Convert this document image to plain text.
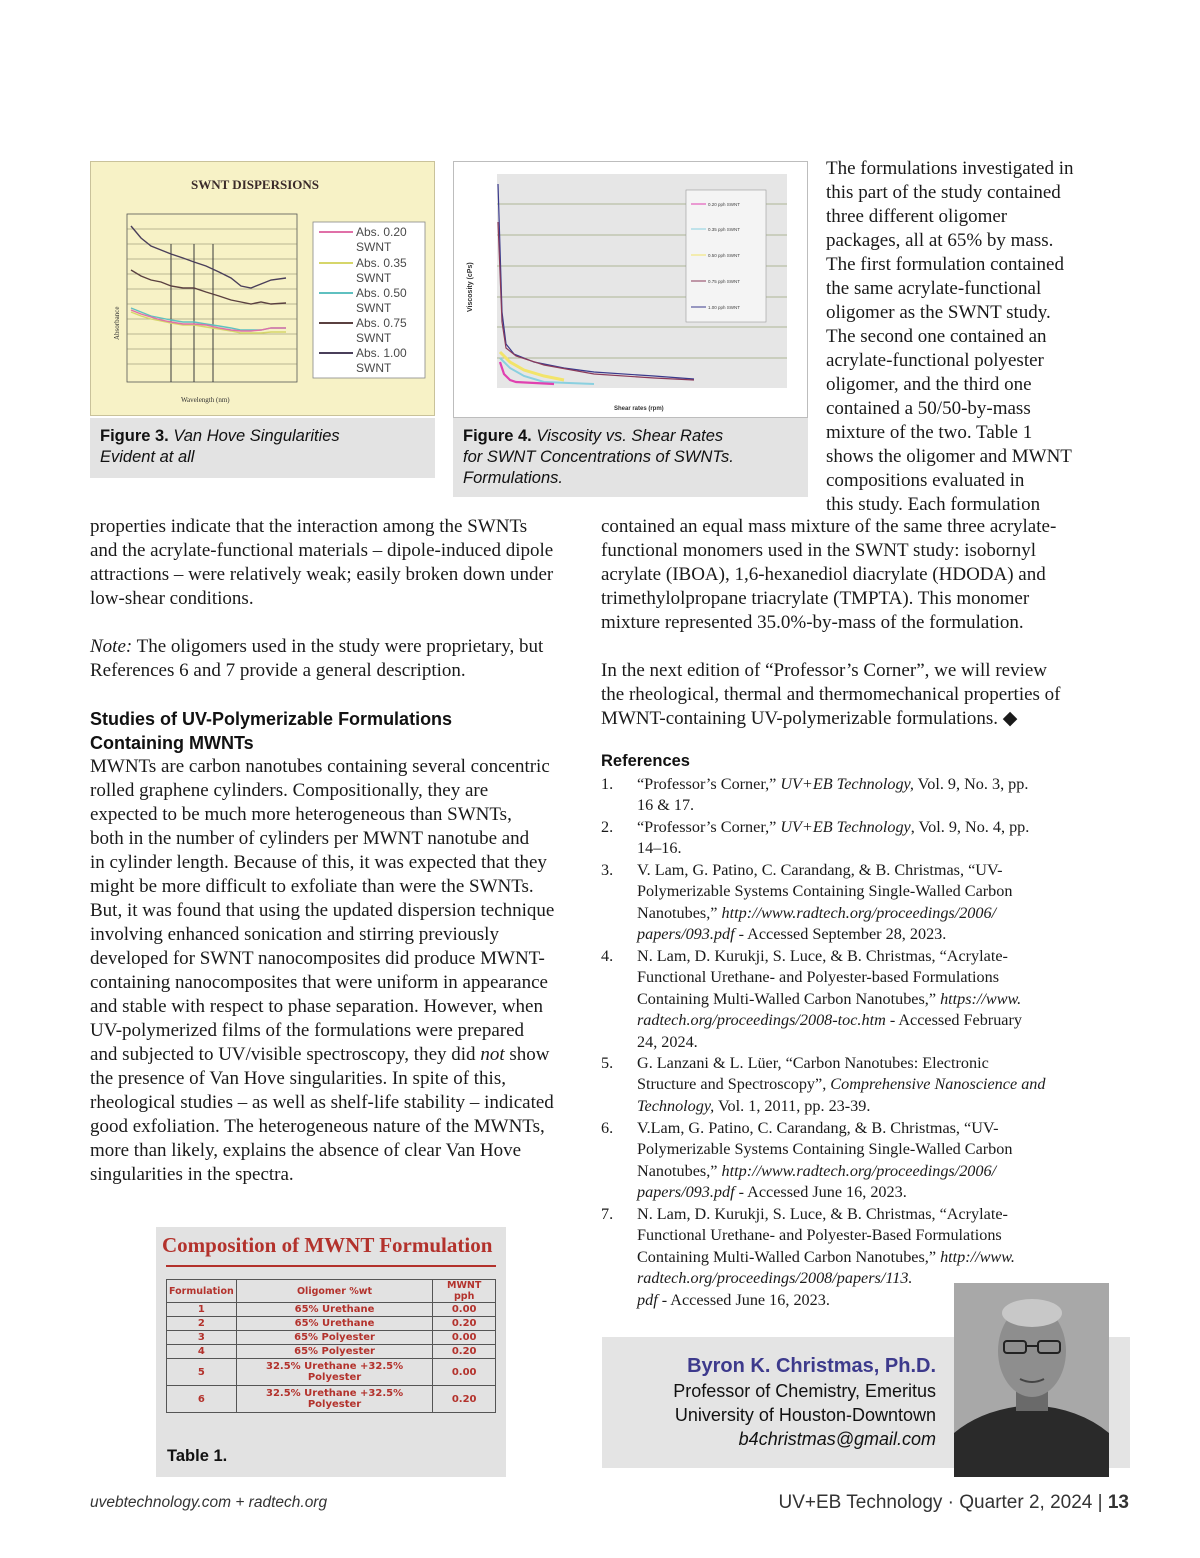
SWNT DISPERSIONS
Absorbance
Wavelength (nm)
Abs. 0.20
SWNT
Abs. 0.35
SWNT
Abs. 0.50
SWNT
Abs. 0.75
SWNT
Abs. 1.00
SWNT
Figure 3. Van Hove Singularities
Evident at all
Viscosity (cPs)
Shear rates (rpm)
0.20 pph SWNT
0.35 pph SWNT
0.50 pph SWNT
0.75 pph SWNT
1.00 pph SWNT
Figure 4. Viscosity vs. Shear Rates
for SWNT Concentrations of SWNTs.
Formulations.
The formulations investigated in
this part of the study contained
three different oligomer
packages, all at 65% by mass.
The first formulation contained
the same acrylate-functional
oligomer as the SWNT study.
The second one contained an
acrylate-functional polyester
oligomer, and the third one
contained a 50/50-by-mass
mixture of the two. Table 1
shows the oligomer and MWNT
compositions evaluated in
this study. Each formulation
contained an equal mass mixture of the same three acrylate-
functional monomers used in the SWNT study: isobornyl
acrylate (IBOA), 1,6-hexanediol diacrylate (HDODA) and
trimethylolpropane triacrylate (TMPTA). This monomer
mixture represented 35.0%-by-mass of the formulation.
In the next edition of “Professor’s Corner”, we will review
the rheological, thermal and thermomechanical properties of
MWNT-containing UV-polymerizable formulations. ◆
properties indicate that the interaction among the SWNTs
and the acrylate-functional materials – dipole-induced dipole
attractions – were relatively weak; easily broken down under
low-shear conditions.
Note: The oligomers used in the study were proprietary, but
References 6 and 7 provide a general description.
Studies of UV-Polymerizable Formulations
Containing MWNTs
MWNTs are carbon nanotubes containing several concentric
rolled graphene cylinders. Compositionally, they are
expected to be much more heterogeneous than SWNTs,
both in the number of cylinders per MWNT nanotube and
in cylinder length. Because of this, it was expected that they
might be more difficult to exfoliate than were the SWNTs.
But, it was found that using the updated dispersion technique
involving enhanced sonication and stirring previously
developed for SWNT nanocomposites did produce MWNT-
containing nanocomposites that were uniform in appearance
and stable with respect to phase separation. However, when
UV-polymerized films of the formulations were prepared
and subjected to UV/visible spectroscopy, they did not show
the presence of Van Hove singularities. In spite of this,
rheological studies – as well as shelf-life stability – indicated
good exfoliation. The heterogeneous nature of the MWNTs,
more than likely, explains the absence of clear Van Hove
singularities in the spectra.
References
1.	“Professor’s Corner,” UV+EB Technology, Vol. 9, No. 3, pp.
16 & 17.
2.	“Professor’s Corner,” UV+EB Technology, Vol. 9, No. 4, pp.
14–16.
3.	V. Lam, G. Patino, C. Carandang, & B. Christmas, “UV-
Polymerizable Systems Containing Single-Walled Carbon
Nanotubes,” http://www.radtech.org/proceedings/2006/
papers/093.pdf - Accessed September 28, 2023.
4.	N. Lam, D. Kurukji, S. Luce, & B. Christmas, “Acrylate-
Functional Urethane- and Polyester-based Formulations
Containing Multi-Walled Carbon Nanotubes,” https://www.
radtech.org/proceedings/2008-toc.htm - Accessed February
24, 2024.
5.	G. Lanzani & L. Lüer, “Carbon Nanotubes: Electronic
Structure and Spectroscopy”, Comprehensive Nanoscience and
Technology, Vol. 1, 2011, pp. 23-39.
6.	V.Lam, G. Patino, C. Carandang, & B. Christmas, “UV-
Polymerizable Systems Containing Single-Walled Carbon
Nanotubes,” http://www.radtech.org/proceedings/2006/
papers/093.pdf - Accessed June 16, 2023.
7.	N. Lam, D. Kurukji, S. Luce, & B. Christmas, “Acrylate-
Functional Urethane- and Polyester-Based Formulations
Containing Multi-Walled Carbon Nanotubes,” http://www.
radtech.org/proceedings/2008/papers/113.
pdf - Accessed June 16, 2023.
Composition of MWNT Formulation
Formulation	Oligomer %wt	MWNT pph
1	65% Urethane	0.00
2	65% Urethane	0.20
3	65% Polyester	0.00
4	65% Polyester	0.20
5	32.5% Urethane +32.5% Polyester	0.00
6	32.5% Urethane +32.5% Polyester	0.20
Table 1.
Byron K. Christmas, Ph.D.
Professor of Chemistry, Emeritus
University of Houston-Downtown
b4christmas@gmail.com
uvebtechnology.com + radtech.org	UV+EB Technology · Quarter 2, 2024 | 13
